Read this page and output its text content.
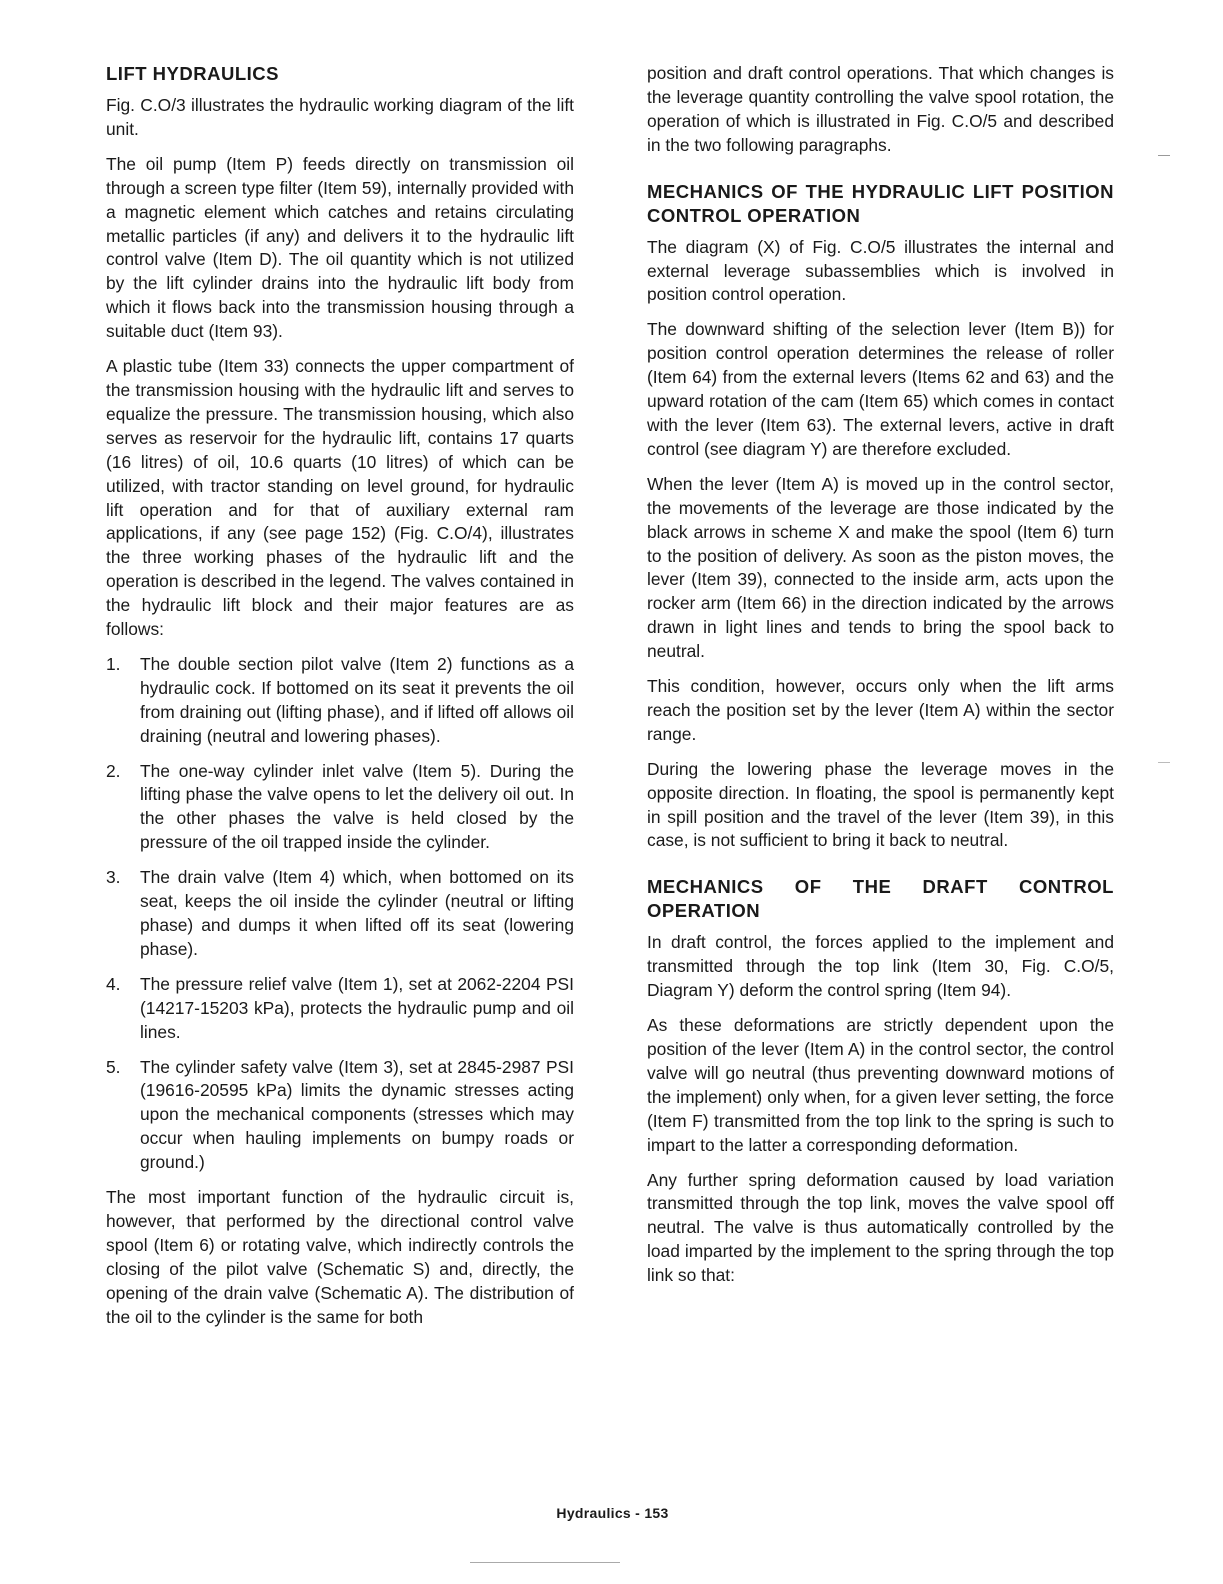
LIFT HYDRAULICS

Fig. C.O/3 illustrates the hydraulic working diagram of the lift unit.

The oil pump (Item P) feeds directly on transmission oil through a screen type filter (Item 59), internally provided with a magnetic element which catches and retains circulating metallic particles (if any) and delivers it to the hydraulic lift control valve (Item D). The oil quantity which is not utilized by the lift cylinder drains into the hydraulic lift body from which it flows back into the transmission housing through a suitable duct (Item 93).

A plastic tube (Item 33) connects the upper compartment of the transmission housing with the hydraulic lift and serves to equalize the pressure. The transmission housing, which also serves as reservoir for the hydraulic lift, contains 17 quarts (16 litres) of oil, 10.6 quarts (10 litres) of which can be utilized, with tractor standing on level ground, for hydraulic lift operation and for that of auxiliary external ram applications, if any (see page 152) (Fig. C.O/4), illustrates the three working phases of the hydraulic lift and the operation is described in the legend. The valves contained in the hydraulic lift block and their major features are as follows:

1. The double section pilot valve (Item 2) functions as a hydraulic cock. If bottomed on its seat it prevents the oil from draining out (lifting phase), and if lifted off allows oil draining (neutral and lowering phases).
2. The one-way cylinder inlet valve (Item 5). During the lifting phase the valve opens to let the delivery oil out. In the other phases the valve is held closed by the pressure of the oil trapped inside the cylinder.
3. The drain valve (Item 4) which, when bottomed on its seat, keeps the oil inside the cylinder (neutral or lifting phase) and dumps it when lifted off its seat (lowering phase).
4. The pressure relief valve (Item 1), set at 2062-2204 PSI (14217-15203 kPa), protects the hydraulic pump and oil lines.
5. The cylinder safety valve (Item 3), set at 2845-2987 PSI (19616-20595 kPa) limits the dynamic stresses acting upon the mechanical components (stresses which may occur when hauling implements on bumpy roads or ground.)

The most important function of the hydraulic circuit is, however, that performed by the directional control valve spool (Item 6) or rotating valve, which indirectly controls the closing of the pilot valve (Schematic S) and, directly, the opening of the drain valve (Schematic A). The distribution of the oil to the cylinder is the same for both

position and draft control operations. That which changes is the leverage quantity controlling the valve spool rotation, the operation of which is illustrated in Fig. C.O/5 and described in the two following paragraphs.

MECHANICS OF THE HYDRAULIC LIFT POSITION CONTROL OPERATION

The diagram (X) of Fig. C.O/5 illustrates the internal and external leverage subassemblies which is involved in position control operation.

The downward shifting of the selection lever (Item B)) for position control operation determines the release of roller (Item 64) from the external levers (Items 62 and 63) and the upward rotation of the cam (Item 65) which comes in contact with the lever (Item 63). The external levers, active in draft control (see diagram Y) are therefore excluded.

When the lever (Item A) is moved up in the control sector, the movements of the leverage are those indicated by the black arrows in scheme X and make the spool (Item 6) turn to the position of delivery. As soon as the piston moves, the lever (Item 39), connected to the inside arm, acts upon the rocker arm (Item 66) in the direction indicated by the arrows drawn in light lines and tends to bring the spool back to neutral.

This condition, however, occurs only when the lift arms reach the position set by the lever (Item A) within the sector range.

During the lowering phase the leverage moves in the opposite direction. In floating, the spool is permanently kept in spill position and the travel of the lever (Item 39), in this case, is not sufficient to bring it back to neutral.

MECHANICS OF THE DRAFT CONTROL OPERATION

In draft control, the forces applied to the implement and transmitted through the top link (Item 30, Fig. C.O/5, Diagram Y) deform the control spring (Item 94).

As these deformations are strictly dependent upon the position of the lever (Item A) in the control sector, the control valve will go neutral (thus preventing downward motions of the implement) only when, for a given lever setting, the force (Item F) transmitted from the top link to the spring is such to impart to the latter a corresponding deformation.

Any further spring deformation caused by load variation transmitted through the top link, moves the valve spool off neutral. The valve is thus automatically controlled by the load imparted by the implement to the spring through the top link so that:

Hydraulics - 153
